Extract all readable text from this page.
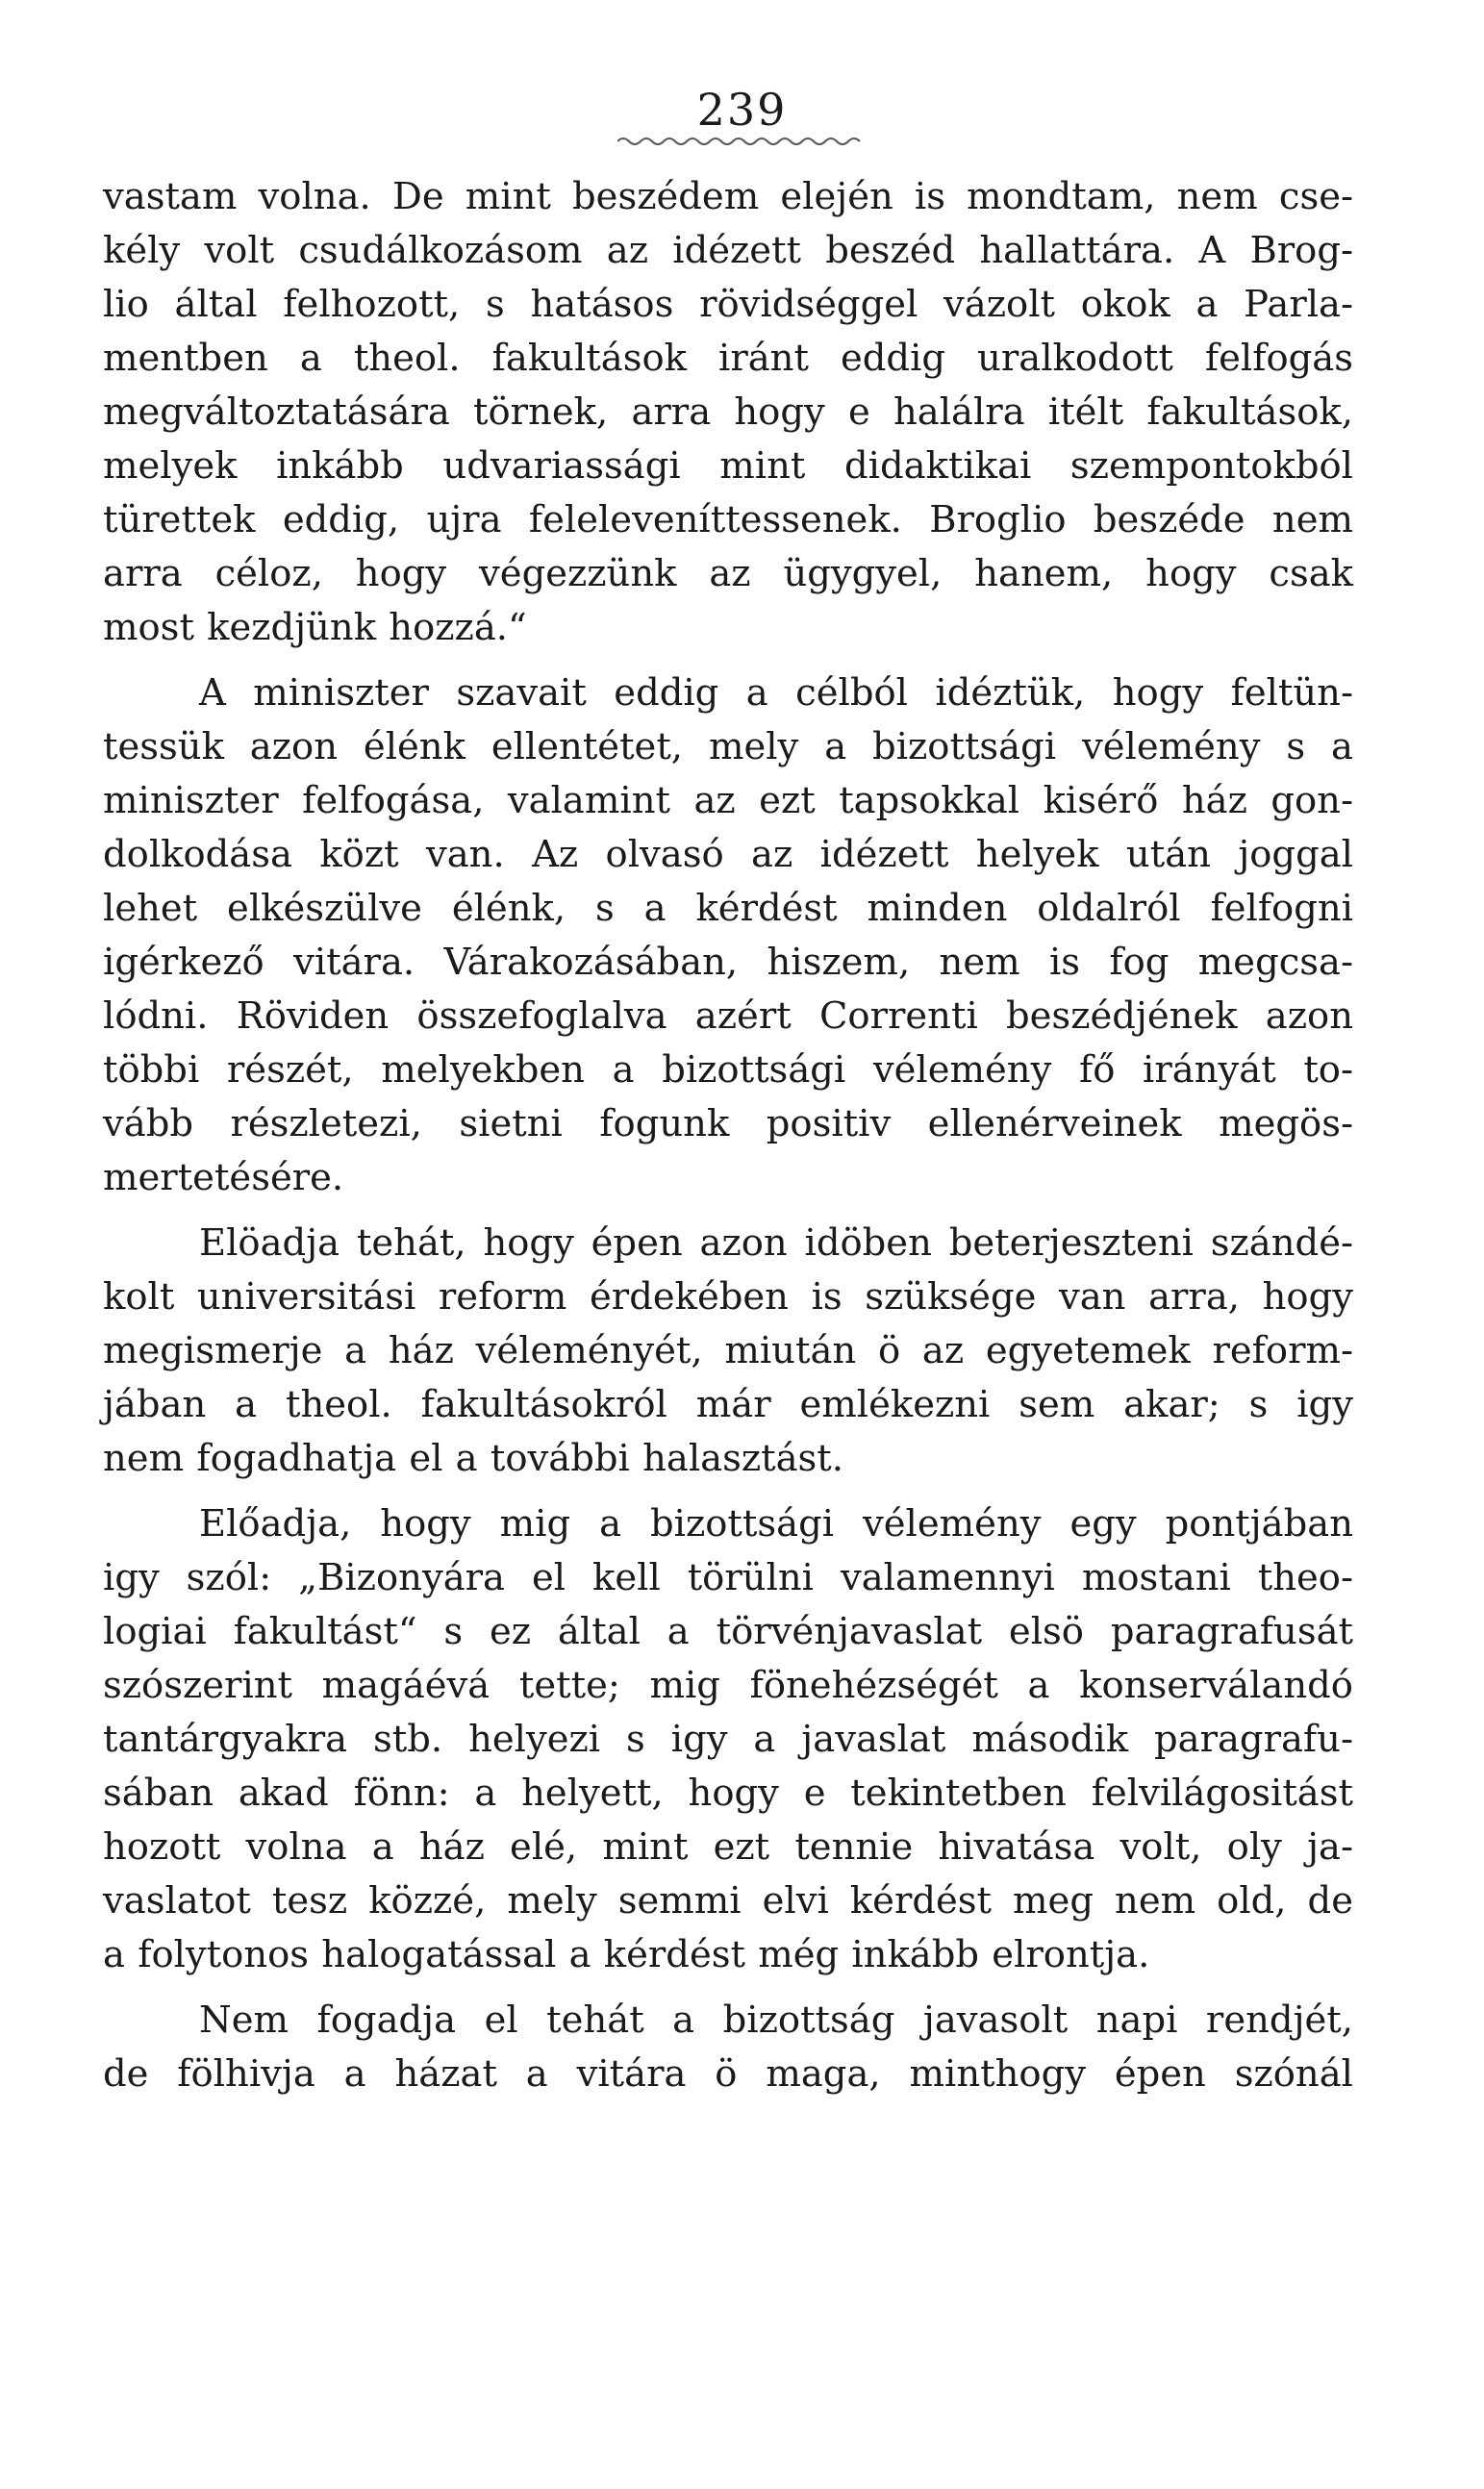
239
vastam volna. De mint beszédem elején is mondtam, nem cse-
kély volt csudálkozásom az idézett beszéd hallattára. A Brog-
lio által felhozott, s hatásos rövidséggel vázolt okok a Parla-
mentben a theol. fakultások iránt eddig uralkodott felfogás
megváltoztatására törnek, arra hogy e halálra itélt fakultások,
melyek inkább udvariassági mint didaktikai szempontokból
türettek eddig, ujra feleleveníttessenek. Broglio beszéde nem
arra céloz, hogy végezzünk az ügygyel, hanem, hogy csak
most kezdjünk hozzá.“
A miniszter szavait eddig a célból idéztük, hogy feltün-
tessük azon élénk ellentétet, mely a bizottsági vélemény s a
miniszter felfogása, valamint az ezt tapsokkal kisérő ház gon-
dolkodása közt van. Az olvasó az idézett helyek után joggal
lehet elkészülve élénk, s a kérdést minden oldalról felfogni
igérkező vitára. Várakozásában, hiszem, nem is fog megcsa-
lódni. Röviden összefoglalva azért Correnti beszédjének azon
többi részét, melyekben a bizottsági vélemény fő irányát to-
vább részletezi, sietni fogunk positiv ellenérveinek megös-
mertetésére.
Elöadja tehát, hogy épen azon idöben beterjeszteni szándé-
kolt universitási reform érdekében is szüksége van arra, hogy
megismerje a ház véleményét, miután ö az egyetemek reform-
jában a theol. fakultásokról már emlékezni sem akar; s igy
nem fogadhatja el a további halasztást.
Előadja, hogy mig a bizottsági vélemény egy pontjában
igy szól: „Bizonyára el kell törülni valamennyi mostani theo-
logiai fakultást“ s ez által a törvénjavaslat elsö paragrafusát
szószerint magáévá tette; mig fönehézségét a konserválandó
tantárgyakra stb. helyezi s igy a javaslat második paragrafu-
sában akad fönn: a helyett, hogy e tekintetben felvilágositást
hozott volna a ház elé, mint ezt tennie hivatása volt, oly ja-
vaslatot tesz közzé, mely semmi elvi kérdést meg nem old, de
a folytonos halogatással a kérdést még inkább elrontja.
Nem fogadja el tehát a bizottság javasolt napi rendjét,
de fölhivja a házat a vitára ö maga, minthogy épen szónál
